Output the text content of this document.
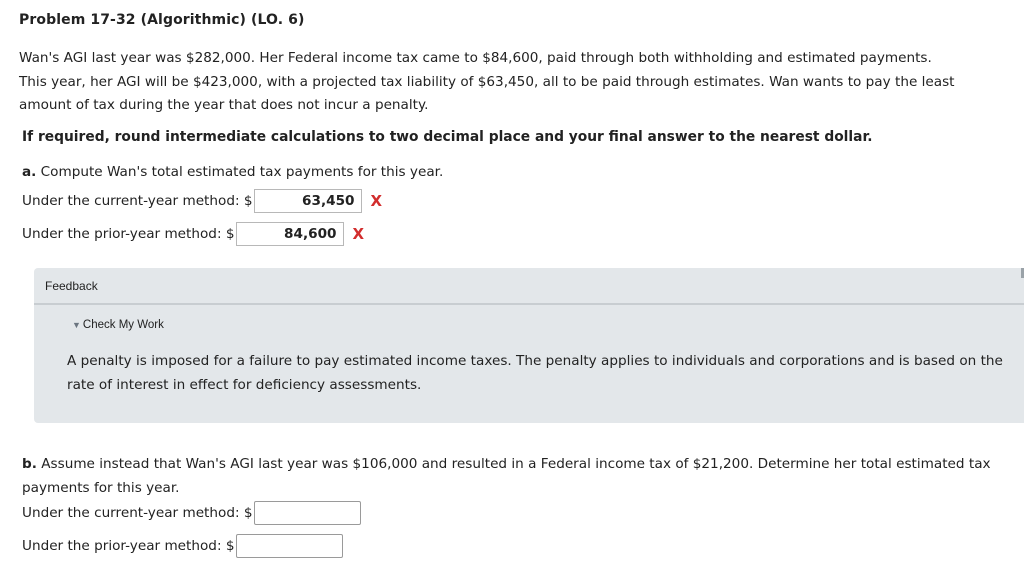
Problem 17-32 (Algorithmic) (LO. 6)
Wan's AGI last year was $282,000. Her Federal income tax came to $84,600, paid through both withholding and estimated payments.
This year, her AGI will be $423,000, with a projected tax liability of $63,450, all to be paid through estimates. Wan wants to pay the least
amount of tax during the year that does not incur a penalty.
If required, round intermediate calculations to two decimal place and your final answer to the nearest dollar.
a. Compute Wan's total estimated tax payments for this year.
Under the current-year method: $	63,450	X
Under the prior-year method: $	84,600	X
Feedback
▼ Check My Work
A penalty is imposed for a failure to pay estimated income taxes. The penalty applies to individuals and corporations and is based on the rate of interest in effect for deficiency assessments.
b. Assume instead that Wan's AGI last year was $106,000 and resulted in a Federal income tax of $21,200. Determine her total estimated tax payments for this year.
Under the current-year method: $
Under the prior-year method: $
